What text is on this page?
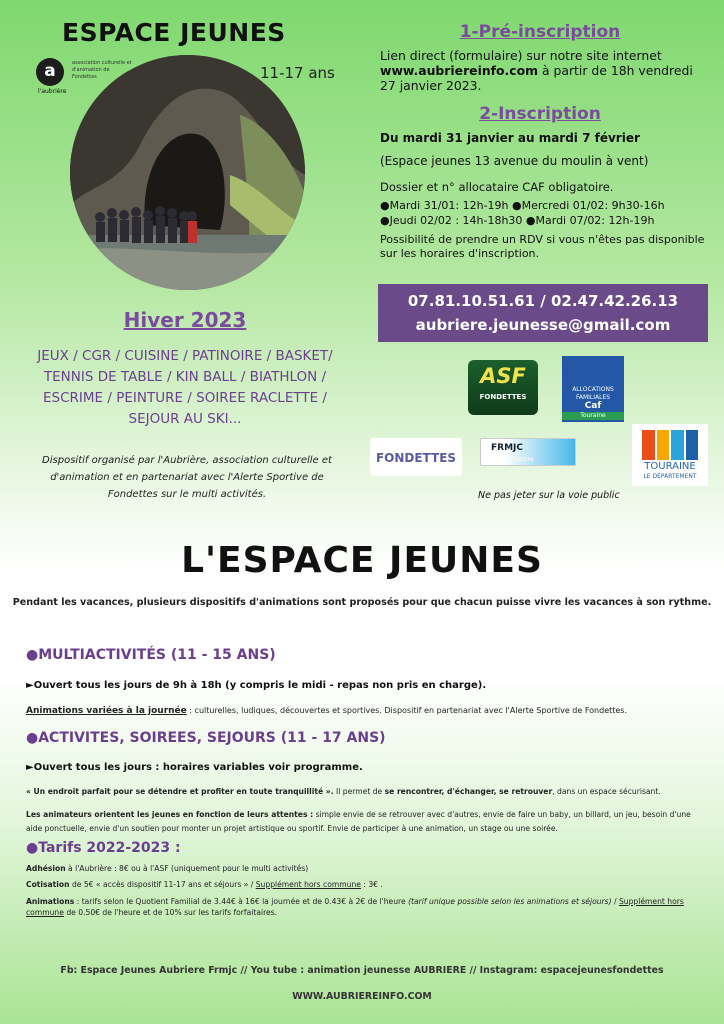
ESPACE JEUNES
a
l'aubrière
association culturelle et d'animation de Fondettes	11-17 ans
Hiver 2023
JEUX / CGR / CUISINE / PATINOIRE / BASKET/
TENNIS DE TABLE / KIN BALL / BIATHLON /
ESCRIME / PEINTURE / SOIREE RACLETTE /
SEJOUR AU SKI...
Dispositif organisé par l'Aubrière, association culturelle et d'animation et en partenariat avec l'Alerte Sportive de Fondettes sur le multi activités.
1-Pré-inscription
Lien direct (formulaire) sur notre site internet www.aubriereinfo.com à partir de 18h vendredi 27 janvier 2023.
2-Inscription
Du mardi 31 janvier au mardi 7 février
(Espace jeunes 13 avenue du moulin à vent)
Dossier et n° allocataire CAF obligatoire.
●Mardi 31/01: 12h-19h ●Mercredi 01/02: 9h30-16h
●Jeudi 02/02 : 14h-18h30 ●Mardi 07/02: 12h-19h
Possibilité de prendre un RDV si vous n'êtes pas disponible sur les horaires d'inscription.
07.81.10.51.61 / 02.47.42.26.13
aubriere.jeunesse@gmail.com
ASF
FONDETTES
ALLOCATIONS
FAMILIALES
Caf
Touraine
FONDETTES
FRMJC
Région Centre
TOURAINE
LE DÉPARTEMENT
Ne pas jeter sur la voie public
L'ESPACE JEUNES
Pendant les vacances, plusieurs dispositifs d'animations sont proposés pour que chacun puisse vivre les vacances à son rythme.
●MULTIACTIVITÉS (11 - 15 ANS)
►Ouvert tous les jours de 9h à 18h (y compris le midi - repas non pris en charge).
Animations variées à la journée : culturelles, ludiques, découvertes et sportives. Dispositif en partenariat avec l'Alerte Sportive de Fondettes.
●ACTIVITES, SOIREES, SEJOURS (11 - 17 ANS)
►Ouvert tous les jours : horaires variables voir programme.
« Un endroit parfait pour se détendre et profiter en toute tranquillité ». Il permet de se rencontrer, d'échanger, se retrouver, dans un espace sécurisant.
Les animateurs orientent les jeunes en fonction de leurs attentes : simple envie de se retrouver avec d'autres, envie de faire un baby, un billard, un jeu, besoin d'une aide ponctuelle, envie d'un soutien pour monter un projet artistique ou sportif. Envie de participer à une animation, un stage ou une soirée.
●Tarifs 2022-2023 :
Adhésion à l'Aubrière : 8€ ou à l'ASF (uniquement pour le multi activités)
Cotisation de 5€ « accès dispositif 11-17 ans et séjours » / Supplément hors commune : 3€ .
Animations : tarifs selon le Quotient Familial de 3.44€ à 16€ la journée et de 0.43€ à 2€ de l'heure (tarif unique possible selon les animations et séjours) / Supplément hors commune de 0.50€ de l'heure et de 10% sur les tarifs forfaitaires.
Fb: Espace Jeunes Aubriere Frmjc // You tube : animation jeunesse AUBRIERE // Instagram: espacejeunesfondettes
WWW.AUBRIEREINFO.COM
